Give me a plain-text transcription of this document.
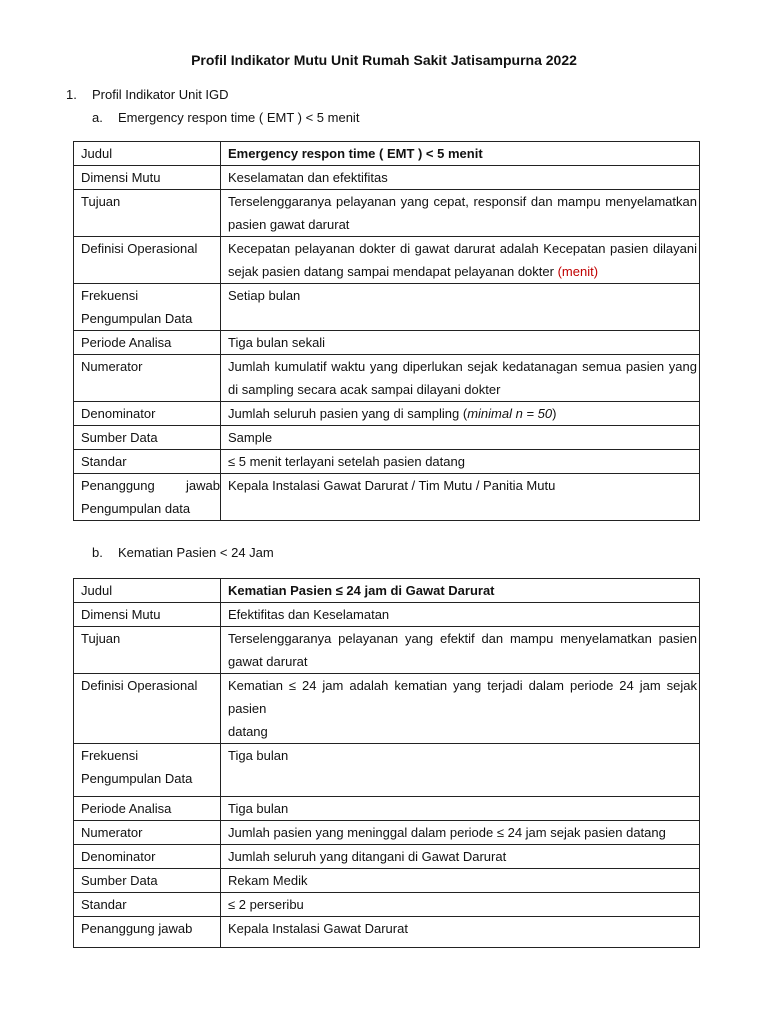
Profil Indikator Mutu Unit Rumah Sakit Jatisampurna 2022
1. Profil Indikator Unit IGD
a. Emergency respon time ( EMT ) < 5 menit
Judul	Emergency respon time ( EMT ) < 5 menit
Dimensi Mutu	Keselamatan dan efektifitas
Tujuan	Terselenggaranya pelayanan yang cepat, responsif dan mampu menyelamatkan pasien gawat darurat
Definisi Operasional	Kecepatan pelayanan dokter di gawat darurat adalah Kecepatan pasien dilayani sejak pasien datang sampai mendapat pelayanan dokter (menit)
Frekuensi Pengumpulan Data	Setiap bulan
Periode Analisa	Tiga bulan sekali
Numerator	Jumlah kumulatif waktu yang diperlukan sejak kedatanagan semua pasien yang di sampling secara acak sampai dilayani dokter
Denominator	Jumlah seluruh pasien yang di sampling (minimal n = 50)
Sumber Data	Sample
Standar	≤ 5 menit terlayani setelah pasien datang
Penanggung jawab Pengumpulan data	Kepala Instalasi Gawat Darurat / Tim Mutu / Panitia Mutu
b. Kematian Pasien < 24 Jam
Judul	Kematian Pasien ≤ 24 jam di Gawat Darurat
Dimensi Mutu	Efektifitas dan Keselamatan
Tujuan	Terselenggaranya pelayanan yang efektif dan mampu menyelamatkan pasien gawat darurat
Definisi Operasional	Kematian ≤ 24 jam adalah kematian yang terjadi dalam periode 24 jam sejak pasien
datang

Frekuensi Pengumpulan Data	Tiga bulan
Periode Analisa	Tiga bulan
Numerator	Jumlah pasien yang meninggal dalam periode ≤ 24 jam sejak pasien datang
Denominator	Jumlah seluruh yang ditangani di Gawat Darurat
Sumber Data	Rekam Medik
Standar	≤ 2 perseribu
Penanggung jawab	Kepala Instalasi Gawat Darurat
